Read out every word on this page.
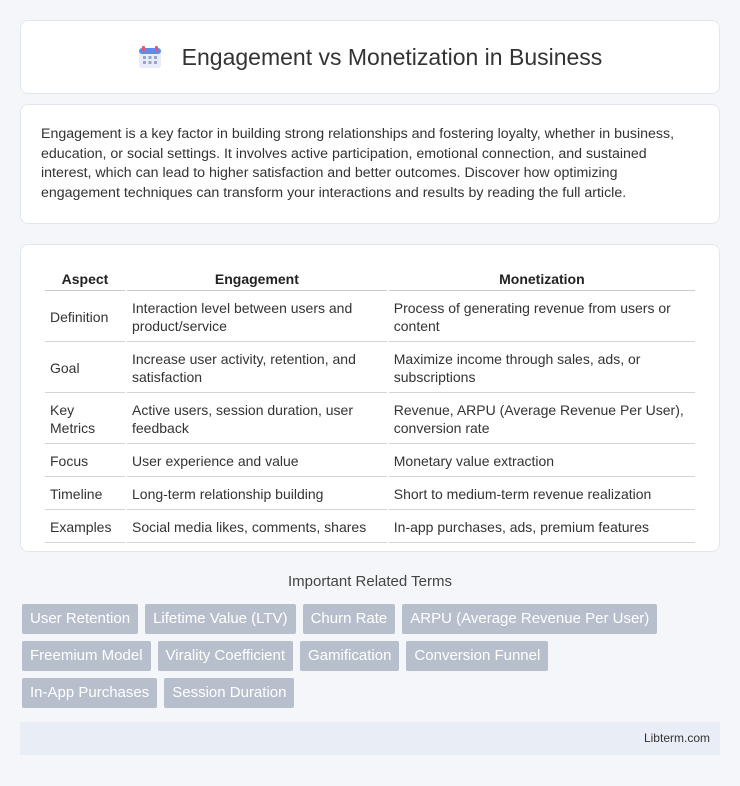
Engagement vs Monetization in Business

Engagement is a key factor in building strong relationships and fostering loyalty, whether in business, education, or social settings. It involves active participation, emotional connection, and sustained interest, which can lead to higher satisfaction and better outcomes. Discover how optimizing engagement techniques can transform your interactions and results by reading the full article.

Aspect	Engagement	Monetization
Definition	Interaction level between users and product/service	Process of generating revenue from users or content
Goal	Increase user activity, retention, and satisfaction	Maximize income through sales, ads, or subscriptions
Key Metrics	Active users, session duration, user feedback	Revenue, ARPU (Average Revenue Per User), conversion rate
Focus	User experience and value	Monetary value extraction
Timeline	Long-term relationship building	Short to medium-term revenue realization
Examples	Social media likes, comments, shares	In-app purchases, ads, premium features
Important Related Terms
User Retention	Lifetime Value (LTV)	Churn Rate	ARPU (Average Revenue Per User)
Freemium Model	Virality Coefficient	Gamification	Conversion Funnel
In-App Purchases	Session Duration
Libterm.com
